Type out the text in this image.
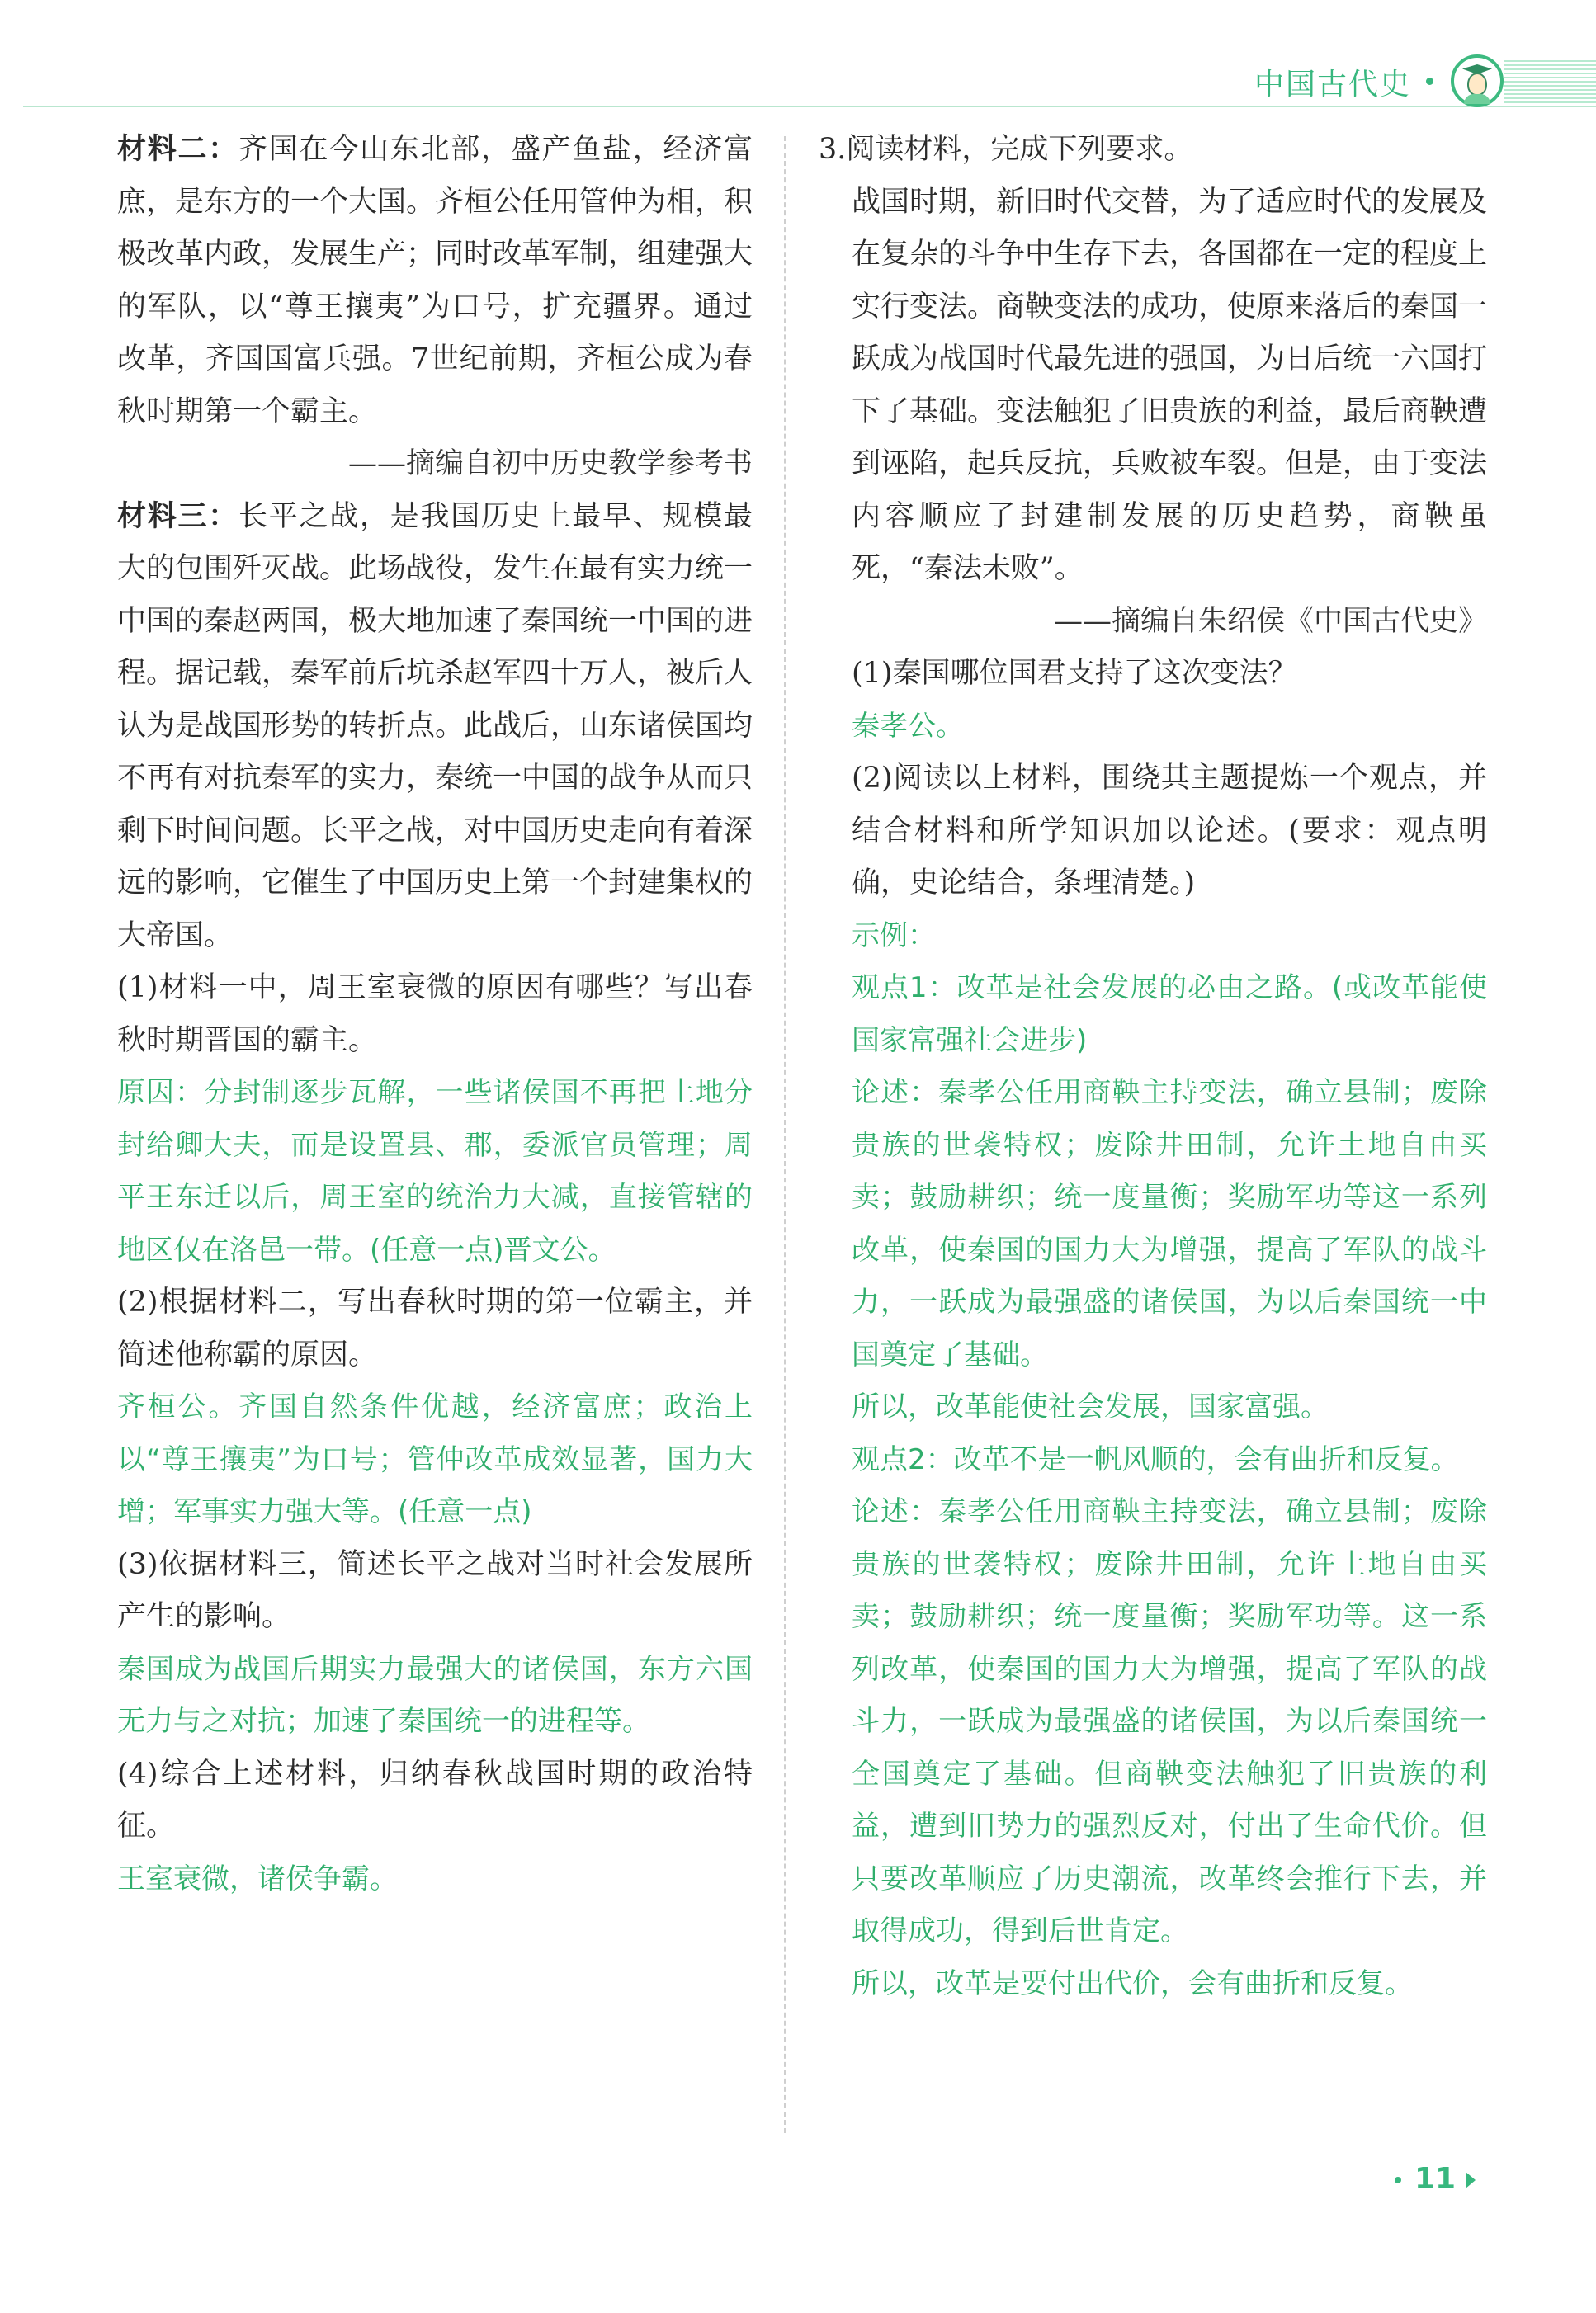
中国古代史

材料二：齐国在今山东北部，盛产鱼盐，经济富庶，是东方的一个大国。齐桓公任用管仲为相，积极改革内政，发展生产；同时改革军制，组建强大的军队，以“尊王攘夷”为口号，扩充疆界。通过改革，齐国国富兵强。7世纪前期，齐桓公成为春秋时期第一个霸主。

——摘编自初中历史教学参考书

材料三：长平之战，是我国历史上最早、规模最大的包围歼灭战。此场战役，发生在最有实力统一中国的秦赵两国，极大地加速了秦国统一中国的进程。据记载，秦军前后坑杀赵军四十万人，被后人认为是战国形势的转折点。此战后，山东诸侯国均不再有对抗秦军的实力，秦统一中国的战争从而只剩下时间问题。长平之战，对中国历史走向有着深远的影响，它催生了中国历史上第一个封建集权的大帝国。

(1)材料一中，周王室衰微的原因有哪些？写出春秋时期晋国的霸主。

原因：分封制逐步瓦解，一些诸侯国不再把土地分封给卿大夫，而是设置县、郡，委派官员管理；周平王东迁以后，周王室的统治力大减，直接管辖的地区仅在洛邑一带。(任意一点)晋文公。

(2)根据材料二，写出春秋时期的第一位霸主，并简述他称霸的原因。

齐桓公。齐国自然条件优越，经济富庶；政治上以“尊王攘夷”为口号；管仲改革成效显著，国力大增；军事实力强大等。(任意一点)

(3)依据材料三，简述长平之战对当时社会发展所产生的影响。

秦国成为战国后期实力最强大的诸侯国，东方六国无力与之对抗；加速了秦国统一的进程等。

(4)综合上述材料，归纳春秋战国时期的政治特征。

王室衰微，诸侯争霸。

3.阅读材料，完成下列要求。

战国时期，新旧时代交替，为了适应时代的发展及在复杂的斗争中生存下去，各国都在一定的程度上实行变法。商鞅变法的成功，使原来落后的秦国一跃成为战国时代最先进的强国，为日后统一六国打下了基础。变法触犯了旧贵族的利益，最后商鞅遭到诬陷，起兵反抗，兵败被车裂。但是，由于变法内容顺应了封建制发展的历史趋势，商鞅虽死，“秦法未败”。

——摘编自朱绍侯《中国古代史》

(1)秦国哪位国君支持了这次变法？

秦孝公。

(2)阅读以上材料，围绕其主题提炼一个观点，并结合材料和所学知识加以论述。(要求：观点明确，史论结合，条理清楚。)

示例：

观点1：改革是社会发展的必由之路。(或改革能使国家富强社会进步)

论述：秦孝公任用商鞅主持变法，确立县制；废除贵族的世袭特权；废除井田制，允许土地自由买卖；鼓励耕织；统一度量衡；奖励军功等这一系列改革，使秦国的国力大为增强，提高了军队的战斗力，一跃成为最强盛的诸侯国，为以后秦国统一中国奠定了基础。

所以，改革能使社会发展，国家富强。

观点2：改革不是一帆风顺的，会有曲折和反复。

论述：秦孝公任用商鞅主持变法，确立县制；废除贵族的世袭特权；废除井田制，允许土地自由买卖；鼓励耕织；统一度量衡；奖励军功等。这一系列改革，使秦国的国力大为增强，提高了军队的战斗力，一跃成为最强盛的诸侯国，为以后秦国统一全国奠定了基础。但商鞅变法触犯了旧贵族的利益，遭到旧势力的强烈反对，付出了生命代价。但只要改革顺应了历史潮流，改革终会推行下去，并取得成功，得到后世肯定。

所以，改革是要付出代价，会有曲折和反复。

11
